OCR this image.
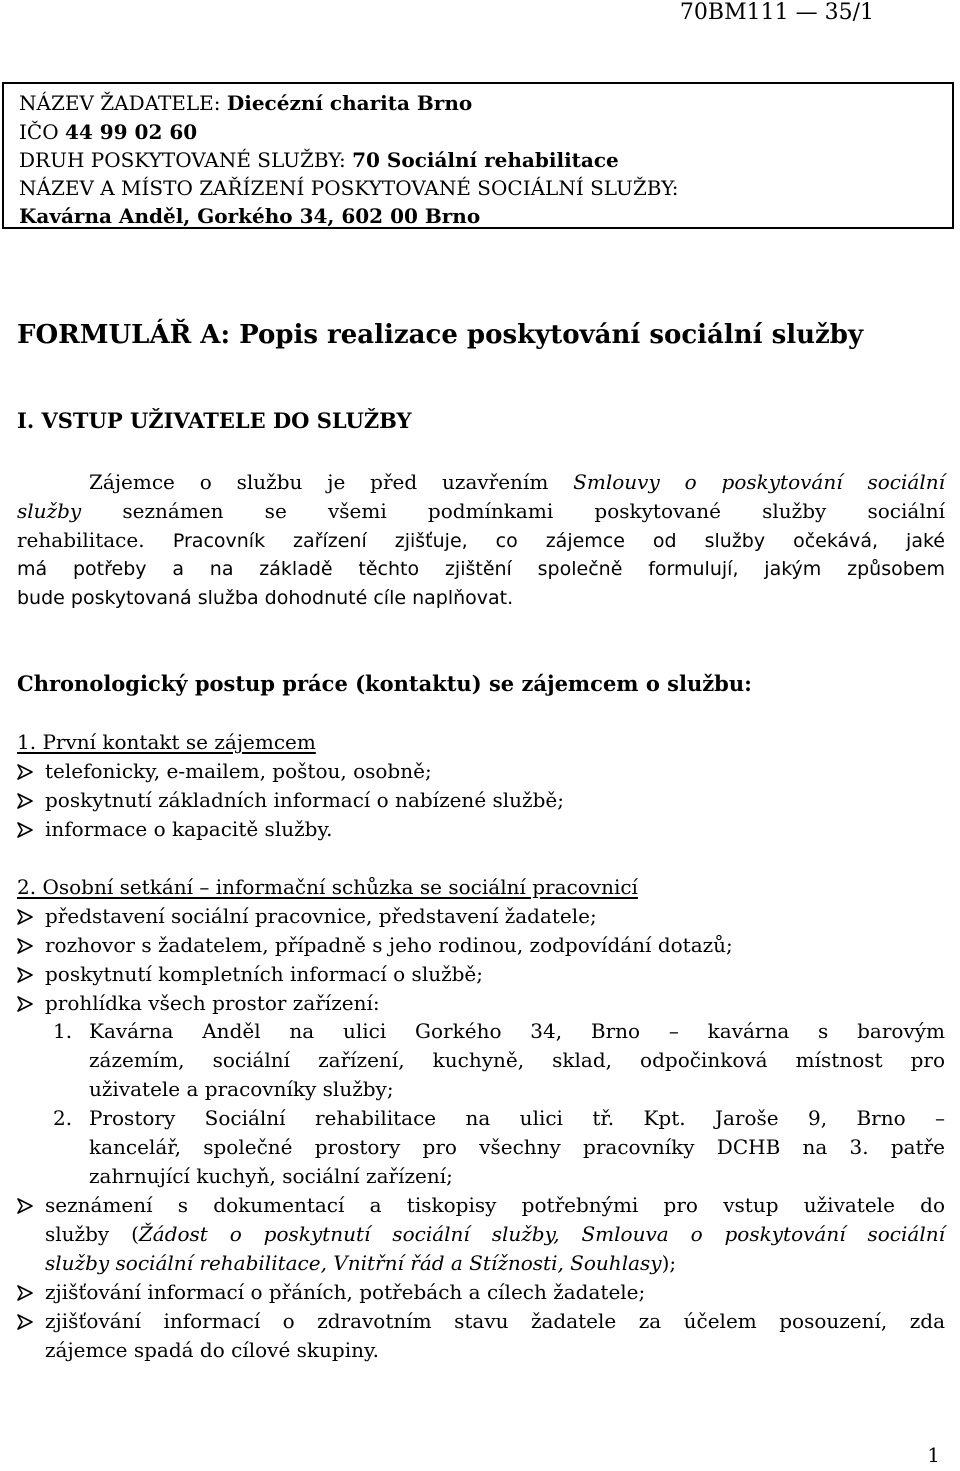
70BM111 — 35/1
NÁZEV ŽADATELE: Diecézní charita Brno
IČO 44 99 02 60
DRUH POSKYTOVANÉ SLUŽBY: 70 Sociální rehabilitace
NÁZEV A MÍSTO ZAŘÍZENÍ POSKYTOVANÉ SOCIÁLNÍ SLUŽBY:
Kavárna Anděl, Gorkého 34, 602 00 Brno
FORMULÁŘ A: Popis realizace poskytování sociální služby
I. VSTUP UŽIVATELE DO SLUŽBY
Zájemce o službu je před uzavřením Smlouvy o poskytování sociální
služby seznámen se všemi podmínkami poskytované služby sociální
rehabilitace. Pracovník zařízení zjišťuje, co zájemce od služby očekává, jaké
má potřeby a na základě těchto zjištění společně formulují, jakým způsobem
bude poskytovaná služba dohodnuté cíle naplňovat.
Chronologický postup práce (kontaktu) se zájemcem o službu:
1. První kontakt se zájemcem
telefonicky, e-mailem, poštou, osobně;
poskytnutí základních informací o nabízené službě;
informace o kapacitě služby.
2. Osobní setkání – informační schůzka se sociální pracovnicí
představení sociální pracovnice, představení žadatele;
rozhovor s žadatelem, případně s jeho rodinou, zodpovídání dotazů;
poskytnutí kompletních informací o službě;
prohlídka všech prostor zařízení:
1. Kavárna Anděl na ulici Gorkého 34, Brno – kavárna s barovým
zázemím, sociální zařízení, kuchyně, sklad, odpočinková místnost pro
uživatele a pracovníky služby;
2. Prostory Sociální rehabilitace na ulici tř. Kpt. Jaroše 9, Brno –
kancelář, společné prostory pro všechny pracovníky DCHB na 3. patře
zahrnující kuchyň, sociální zařízení;
seznámení s dokumentací a tiskopisy potřebnými pro vstup uživatele do
služby (Žádost o poskytnutí sociální služby, Smlouva o poskytování sociální
služby sociální rehabilitace, Vnitřní řád a Stížnosti, Souhlasy);
zjišťování informací o přáních, potřebách a cílech žadatele;
zjišťování informací o zdravotním stavu žadatele za účelem posouzení, zda
zájemce spadá do cílové skupiny.
1
